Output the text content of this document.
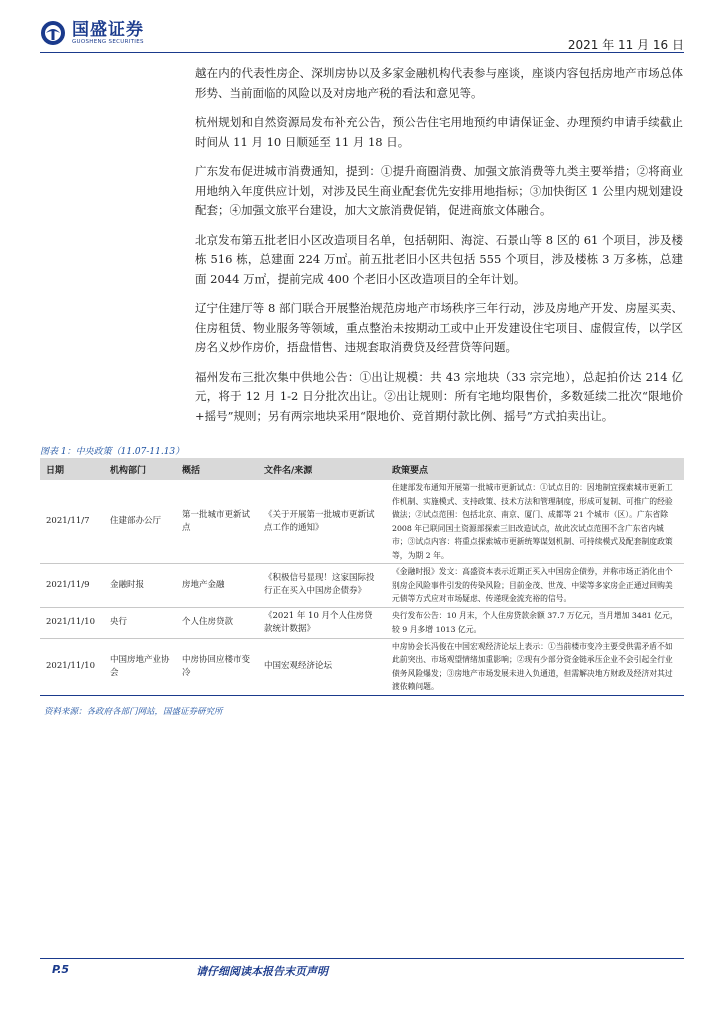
国盛证券
GUOSHENG SECURITIES	2021 年 11 月 16 日

越在内的代表性房企、深圳房协以及多家金融机构代表参与座谈，座谈内容包括房地产市场总体形势、当前面临的风险以及对房地产税的看法和意见等。

杭州规划和自然资源局发布补充公告，预公告住宅用地预约申请保证金、办理预约申请手续截止时间从 11 月 10 日顺延至 11 月 18 日。

广东发布促进城市消费通知，提到：①提升商圈消费、加强文旅消费等九类主要举措；②将商业用地纳入年度供应计划，对涉及民生商业配套优先安排用地指标；③加快街区 1 公里内规划建设配套；④加强文旅平台建设，加大文旅消费促销，促进商旅文体融合。

北京发布第五批老旧小区改造项目名单，包括朝阳、海淀、石景山等 8 区的 61 个项目，涉及楼栋 516 栋，总建面 224 万㎡。前五批老旧小区共包括 555 个项目，涉及楼栋 3 万多栋，总建面 2044 万㎡，提前完成 400 个老旧小区改造项目的全年计划。

辽宁住建厅等 8 部门联合开展整治规范房地产市场秩序三年行动，涉及房地产开发、房屋买卖、住房租赁、物业服务等领域，重点整治未按期动工或中止开发建设住宅项目、虚假宣传，以学区房名义炒作房价，捂盘惜售、违规套取消费贷及经营贷等问题。

福州发布三批次集中供地公告：①出让规模：共 43 宗地块（33 宗完地），总起拍价达 214 亿元，将于 12 月 1-2 日分批次出让。②出让规则：所有宅地均限售价，多数延续二批次“限地价+摇号”规则；另有两宗地块采用“限地价、竞首期付款比例、摇号”方式拍卖出让。

图表 1：中央政策（11.07-11.13）
日期	机构部门	概括	文件名/来源	政策要点
2021/11/7	住建部办公厅	第一批城市更新试点	《关于开展第一批城市更新试点工作的通知》	住建部发布通知开展第一批城市更新试点：①试点目的：因地制宜探索城市更新工作机制、实施模式、支持政策、技术方法和管理制度，形成可复制、可推广的经验做法；②试点范围：包括北京、南京、厦门、成都等 21 个城市（区）。广东省除 2008 年已联同国土资源部探索三旧改造试点，故此次试点范围不含广东省内城市；③试点内容：将重点探索城市更新统筹谋划机制、可持续模式及配套制度政策等，为期 2 年。
2021/11/9	金融时报	房地产金融	《积极信号显现！这家国际投行正在买入中国房企债券》	《金融时报》发文：高盛资本表示近期正买入中国房企债券，并称市场正消化由个别房企风险事件引发的传染风险；目前金茂、世茂、中梁等多家房企正通过回购美元债等方式应对市场疑虑、传递现金流充裕的信号。
2021/11/10	央行	个人住房贷款	《2021 年 10 月个人住房贷款统计数据》	央行发布公告：10 月末，个人住房贷款余额 37.7 万亿元，当月增加 3481 亿元，较 9 月多增 1013 亿元。
2021/11/10	中国房地产业协会	中房协回应楼市变冷	中国宏观经济论坛	中房协会长冯俊在中国宏观经济论坛上表示：①当前楼市变冷主要受供需矛盾不如此前突出、市场观望情绪加重影响；②现有少部分资金链承压企业不会引起全行业债务风险爆发；③房地产市场发展未进入负通道，但需解决地方财政及经济对其过渡依赖问题。
资料来源：各政府各部门网站，国盛证券研究所
P.5	请仔细阅读本报告末页声明
